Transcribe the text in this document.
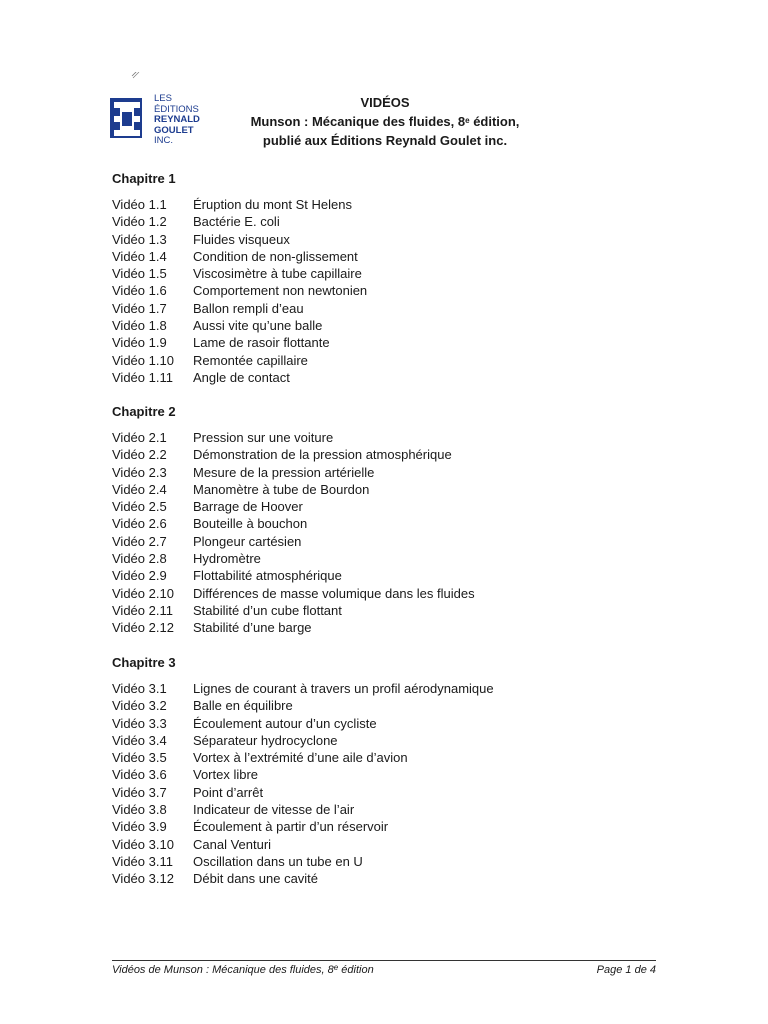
LES
ÉDITIONS
REYNALD
GOULET
INC.
VIDÉOS
Munson : Mécanique des fluides, 8e édition,
publié aux Éditions Reynald Goulet inc.
Chapitre 1
Vidéo 1.1	Éruption du mont St Helens
Vidéo 1.2	Bactérie E. coli
Vidéo 1.3	Fluides visqueux
Vidéo 1.4	Condition de non-glissement
Vidéo 1.5	Viscosimètre à tube capillaire
Vidéo 1.6	Comportement non newtonien
Vidéo 1.7	Ballon rempli d’eau
Vidéo 1.8	Aussi vite qu’une balle
Vidéo 1.9	Lame de rasoir flottante
Vidéo 1.10	Remontée capillaire
Vidéo 1.11	Angle de contact
Chapitre 2
Vidéo 2.1	Pression sur une voiture
Vidéo 2.2	Démonstration de la pression atmosphérique
Vidéo 2.3	Mesure de la pression artérielle
Vidéo 2.4	Manomètre à tube de Bourdon
Vidéo 2.5	Barrage de Hoover
Vidéo 2.6	Bouteille à bouchon
Vidéo 2.7	Plongeur cartésien
Vidéo 2.8	Hydromètre
Vidéo 2.9	Flottabilité atmosphérique
Vidéo 2.10	Différences de masse volumique dans les fluides
Vidéo 2.11	Stabilité d’un cube flottant
Vidéo 2.12	Stabilité d’une barge
Chapitre 3
Vidéo 3.1	Lignes de courant à travers un profil aérodynamique
Vidéo 3.2	Balle en équilibre
Vidéo 3.3	Écoulement autour d’un cycliste
Vidéo 3.4	Séparateur hydrocyclone
Vidéo 3.5	Vortex à l’extrémité d’une aile d’avion
Vidéo 3.6	Vortex libre
Vidéo 3.7	Point d’arrêt
Vidéo 3.8	Indicateur de vitesse de l’air
Vidéo 3.9	Écoulement à partir d’un réservoir
Vidéo 3.10	Canal Venturi
Vidéo 3.11	Oscillation dans un tube en U
Vidéo 3.12	Débit dans une cavité
Vidéos de Munson : Mécanique des fluides, 8e édition	Page 1 de 4
